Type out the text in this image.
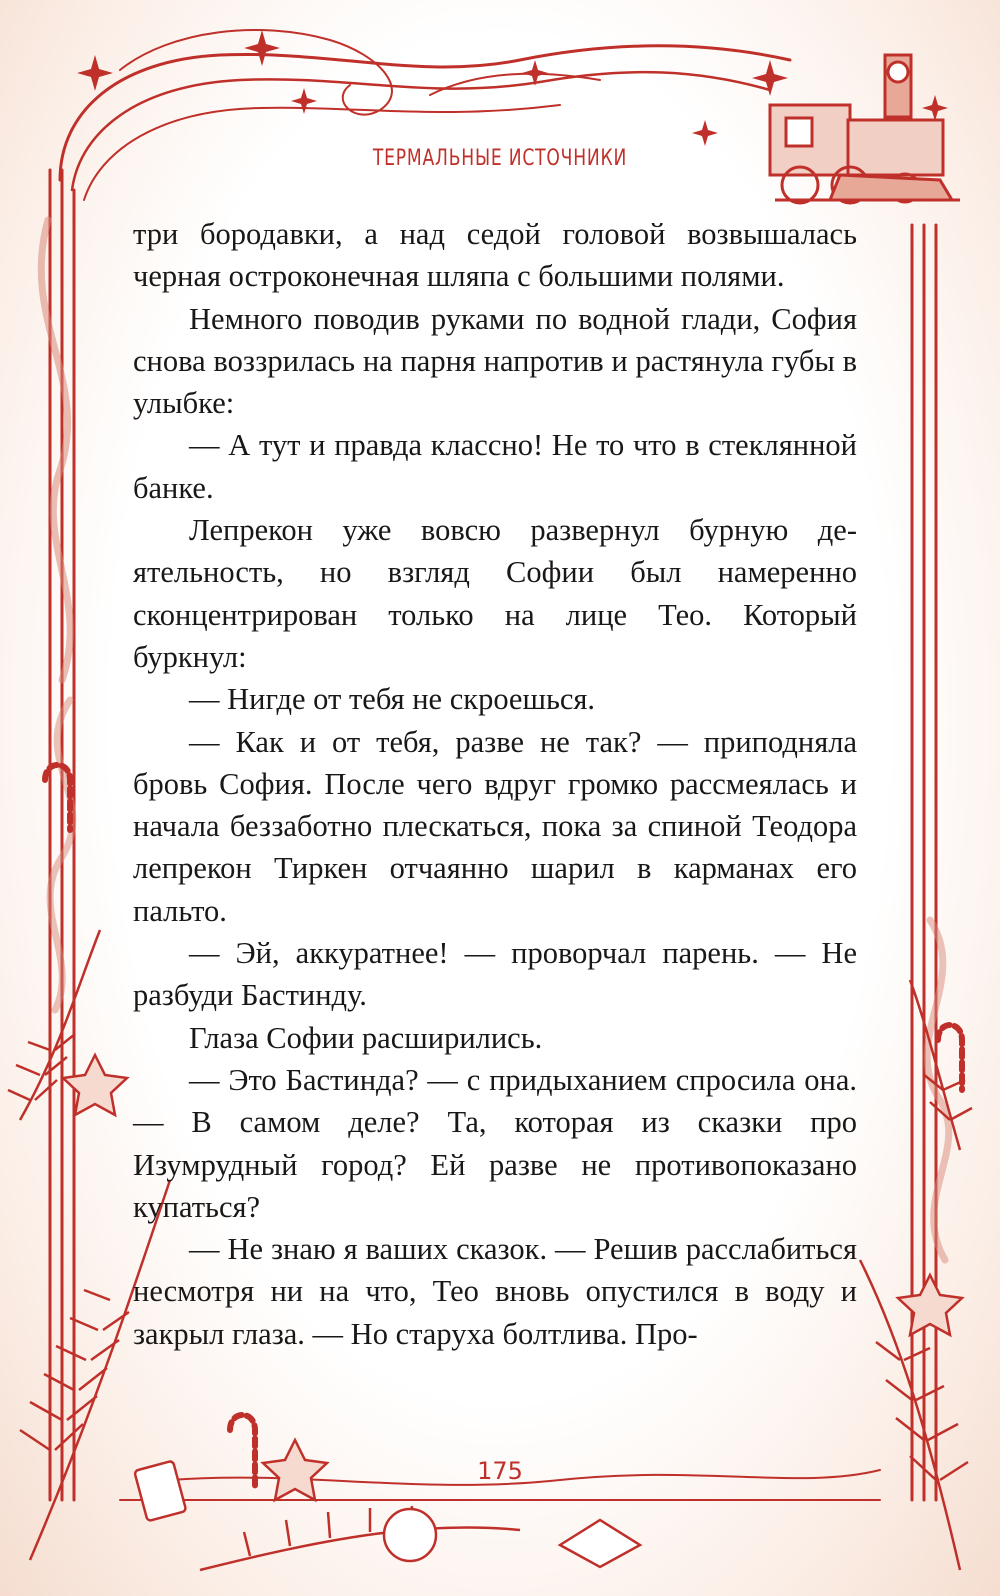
ТЕРМАЛЬНЫЕ ИСТОЧНИКИ

три бородавки, а над седой головой возвышалась черная остроконечная шляпа с большими полями.

Немного поводив руками по водной глади, София снова воззрилась на парня напротив и растянула губы в улыбке:

— А тут и правда классно! Не то что в стеклянной банке.

Лепрекон уже вовсю развернул бурную деятельность, но взгляд Софии был намеренно сконцентрирован только на лице Тео. Который буркнул:

— Нигде от тебя не скроешься.

— Как и от тебя, разве не так? — приподняла бровь София. После чего вдруг громко рассмеялась и начала беззаботно плескаться, пока за спиной Теодора лепрекон Тиркен отчаянно шарил в карманах его пальто.

— Эй, аккуратнее! — проворчал парень. — Не разбуди Бастинду.

Глаза Софии расширились.

— Это Бастинда? — с придыханием спросила она. — В самом деле? Та, которая из сказки про Изумрудный город? Ей разве не противопоказано купаться?

— Не знаю я ваших сказок. — Решив расслабиться несмотря ни на что, Тео вновь опустился в воду и закрыл глаза. — Но старуха болтлива. Про-

175
